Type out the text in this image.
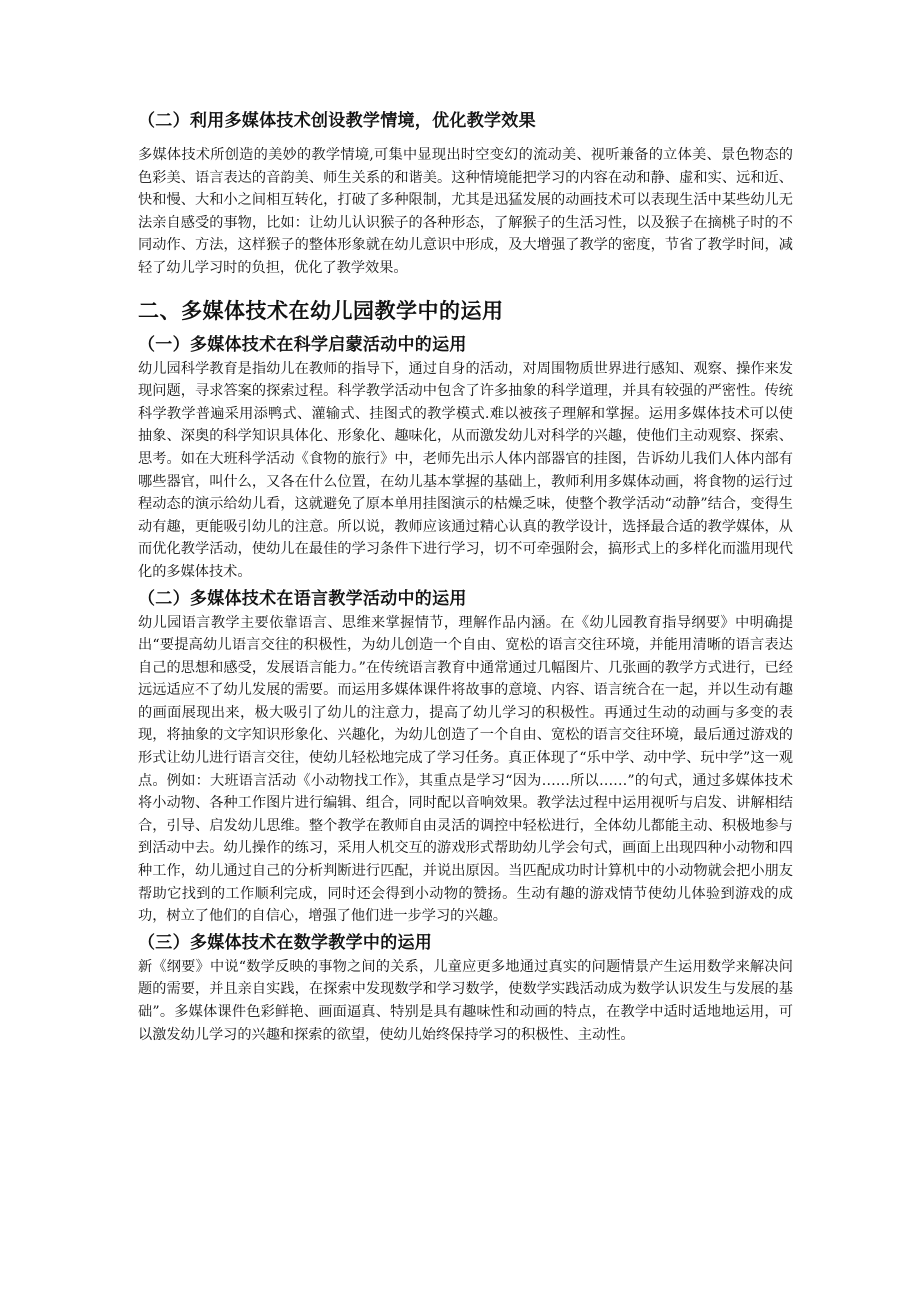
（二）利用多媒体技术创设教学情境，优化教学效果

多媒体技术所创造的美妙的教学情境,可集中显现出时空变幻的流动美、视听兼备的立体美、景色物态的色彩美、语言表达的音韵美、师生关系的和谐美。这种情境能把学习的内容在动和静、虚和实、远和近、快和慢、大和小之间相互转化，打破了多种限制，尤其是迅猛发展的动画技术可以表现生活中某些幼儿无法亲自感受的事物，比如：让幼儿认识猴子的各种形态，了解猴子的生活习性，以及猴子在摘桃子时的不同动作、方法，这样猴子的整体形象就在幼儿意识中形成，及大增强了教学的密度，节省了教学时间，减轻了幼儿学习时的负担，优化了教学效果。

二、多媒体技术在幼儿园教学中的运用
（一）多媒体技术在科学启蒙活动中的运用

幼儿园科学教育是指幼儿在教师的指导下，通过自身的活动，对周围物质世界进行感知、观察、操作来发现问题，寻求答案的探索过程。科学教学活动中包含了许多抽象的科学道理，并具有较强的严密性。传统科学教学普遍采用添鸭式、灌输式、挂图式的教学模式.难以被孩子理解和掌握。运用多媒体技术可以使抽象、深奥的科学知识具体化、形象化、趣味化，从而激发幼儿对科学的兴趣，使他们主动观察、探索、思考。如在大班科学活动《食物的旅行》中，老师先出示人体内部器官的挂图，告诉幼儿我们人体内部有哪些器官，叫什么，又各在什么位置，在幼儿基本掌握的基础上，教师利用多媒体动画，将食物的运行过程动态的演示给幼儿看，这就避免了原本单用挂图演示的枯燥乏味，使整个教学活动“动静”结合，变得生动有趣，更能吸引幼儿的注意。所以说，教师应该通过精心认真的教学设计，选择最合适的教学媒体，从而优化教学活动，使幼儿在最佳的学习条件下进行学习，切不可牵强附会，搞形式上的多样化而滥用现代化的多媒体技术。

（二）多媒体技术在语言教学活动中的运用

幼儿园语言教学主要依靠语言、思维来掌握情节，理解作品内涵。在《幼儿园教育指导纲要》中明确提出“要提高幼儿语言交往的积极性，为幼儿创造一个自由、宽松的语言交往环境，并能用清晰的语言表达自己的思想和感受，发展语言能力。”在传统语言教育中通常通过几幅图片、几张画的教学方式进行，已经远远适应不了幼儿发展的需要。而运用多媒体课件将故事的意境、内容、语言统合在一起，并以生动有趣的画面展现出来，极大吸引了幼儿的注意力，提高了幼儿学习的积极性。再通过生动的动画与多变的表现，将抽象的文字知识形象化、兴趣化，为幼儿创造了一个自由、宽松的语言交往环境，最后通过游戏的形式让幼儿进行语言交往，使幼儿轻松地完成了学习任务。真正体现了“乐中学、动中学、玩中学”这一观点。例如：大班语言活动《小动物找工作》，其重点是学习“因为……所以……”的句式，通过多媒体技术将小动物、各种工作图片进行编辑、组合，同时配以音响效果。教学法过程中运用视听与启发、讲解相结合，引导、启发幼儿思维。整个教学在教师自由灵活的调控中轻松进行，全体幼儿都能主动、积极地参与到活动中去。幼儿操作的练习，采用人机交互的游戏形式帮助幼儿学会句式，画面上出现四种小动物和四种工作，幼儿通过自己的分析判断进行匹配，并说出原因。当匹配成功时计算机中的小动物就会把小朋友帮助它找到的工作顺利完成，同时还会得到小动物的赞扬。生动有趣的游戏情节使幼儿体验到游戏的成功，树立了他们的自信心，增强了他们进一步学习的兴趣。

（三）多媒体技术在数学教学中的运用

新《纲要》中说“数学反映的事物之间的关系，儿童应更多地通过真实的问题情景产生运用数学来解决问题的需要，并且亲自实践，在探索中发现数学和学习数学，使数学实践活动成为数学认识发生与发展的基础”。多媒体课件色彩鲜艳、画面逼真、特别是具有趣味性和动画的特点，在教学中适时适地地运用，可以激发幼儿学习的兴趣和探索的欲望，使幼儿始终保持学习的积极性、主动性。
